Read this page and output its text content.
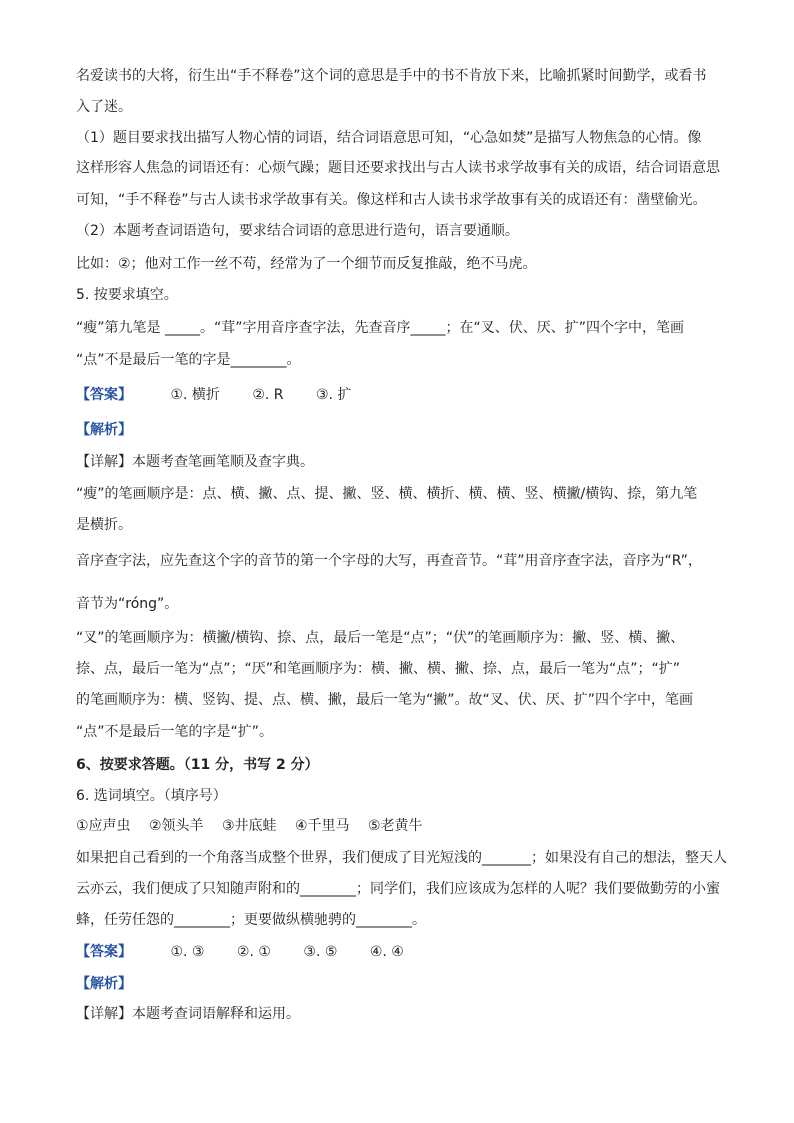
名爱读书的大将，衍生出“手不释卷”这个词的意思是手中的书不肯放下来，比喻抓紧时间勤学，或看书
入了迷。
（1）题目要求找出描写人物心情的词语，结合词语意思可知，“心急如焚”是描写人物焦急的心情。像
这样形容人焦急的词语还有：心烦气躁；题目还要求找出与古人读书求学故事有关的成语，结合词语意思
可知，“手不释卷”与古人读书求学故事有关。像这样和古人读书求学故事有关的成语还有：凿壁偷光。
（2）本题考查词语造句，要求结合词语的意思进行造句，语言要通顺。
比如：②；他对工作一丝不苟，经常为了一个细节而反复推敲，绝不马虎。
5. 按要求填空。
“瘦”第九笔是 _____。“茸”字用音序查字法，先查音序_____；在“叉、伏、厌、扩”四个字中，笔画
“点”不是最后一笔的字是________。
【答案】	①. 横折 ②. R ③. 扩
【解析】
【详解】本题考查笔画笔顺及查字典。
“瘦”的笔画顺序是：点、横、撇、点、提、撇、竖、横、横折、横、横、竖、横撇/横钩、捺，第九笔
是横折。
音序查字法，应先查这个字的音节的第一个字母的大写，再查音节。“茸”用音序查字法，音序为“R”，
音节为“róng”。
“叉”的笔画顺序为：横撇/横钩、捺、点，最后一笔是“点”；“伏”的笔画顺序为：撇、竖、横、撇、
捺、点，最后一笔为“点”；“厌”和笔画顺序为：横、撇、横、撇、捺、点，最后一笔为“点”；“扩”
的笔画顺序为：横、竖钩、提、点、横、撇，最后一笔为“撇”。故“叉、伏、厌、扩”四个字中，笔画
“点”不是最后一笔的字是“扩”。
6、按要求答题。（11 分，书写 2 分）
6. 选词填空。（填序号）
①应声虫　 ②领头羊　 ③井底蛙　 ④千里马　 ⑤老黄牛
如果把自己看到的一个角落当成整个世界，我们便成了目光短浅的_______；如果没有自己的想法，整天人
云亦云，我们便成了只知随声附和的________；同学们，我们应该成为怎样的人呢？我们要做勤劳的小蜜
蜂，任劳任怨的________；更要做纵横驰骋的________。
【答案】	①. ③ ②. ① ③. ⑤ ④. ④
【解析】
【详解】本题考查词语解释和运用。
